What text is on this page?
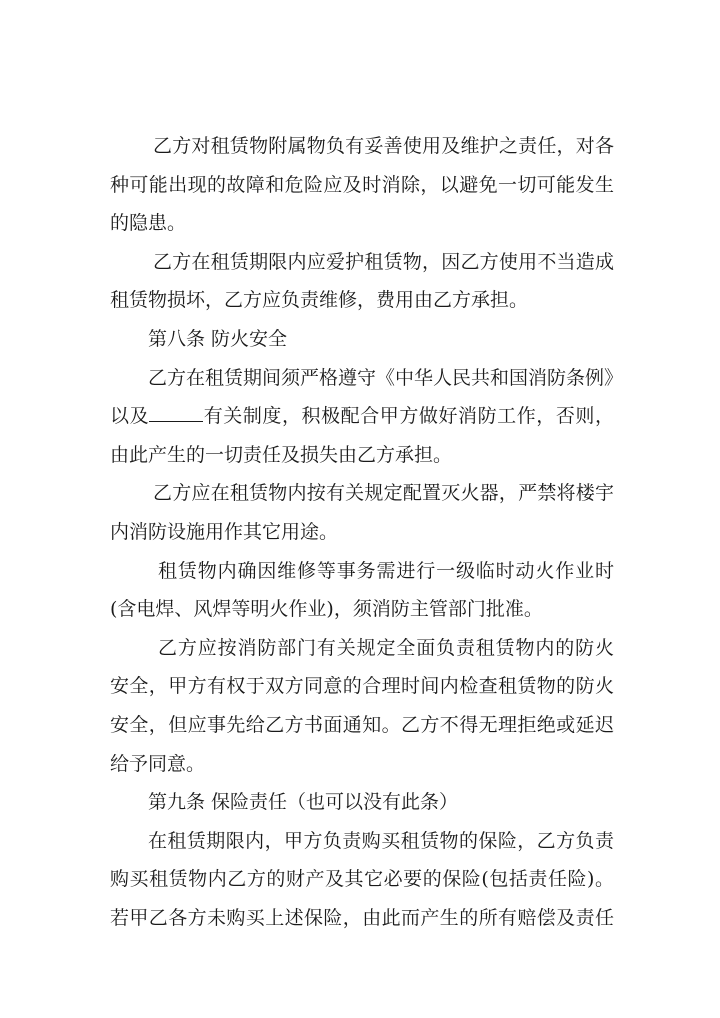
乙方对租赁物附属物负有妥善使用及维护之责任，对各
种可能出现的故障和危险应及时消除，以避免一切可能发生
的隐患。
乙方在租赁期限内应爱护租赁物，因乙方使用不当造成
租赁物损坏，乙方应负责维修，费用由乙方承担。
第八条 防火安全
乙方在租赁期间须严格遵守《中华人民共和国消防条例》
以及	有关制度，积极配合甲方做好消防工作，否则，
由此产生的一切责任及损失由乙方承担。
乙方应在租赁物内按有关规定配置灭火器，严禁将楼宇
内消防设施用作其它用途。
租赁物内确因维修等事务需进行一级临时动火作业时
(含电焊、风焊等明火作业)，须消防主管部门批准。
乙方应按消防部门有关规定全面负责租赁物内的防火
安全，甲方有权于双方同意的合理时间内检查租赁物的防火
安全，但应事先给乙方书面通知。乙方不得无理拒绝或延迟
给予同意。
第九条 保险责任（也可以没有此条）
在租赁期限内，甲方负责购买租赁物的保险，乙方负责
购买租赁物内乙方的财产及其它必要的保险(包括责任险)。
若甲乙各方未购买上述保险，由此而产生的所有赔偿及责任
